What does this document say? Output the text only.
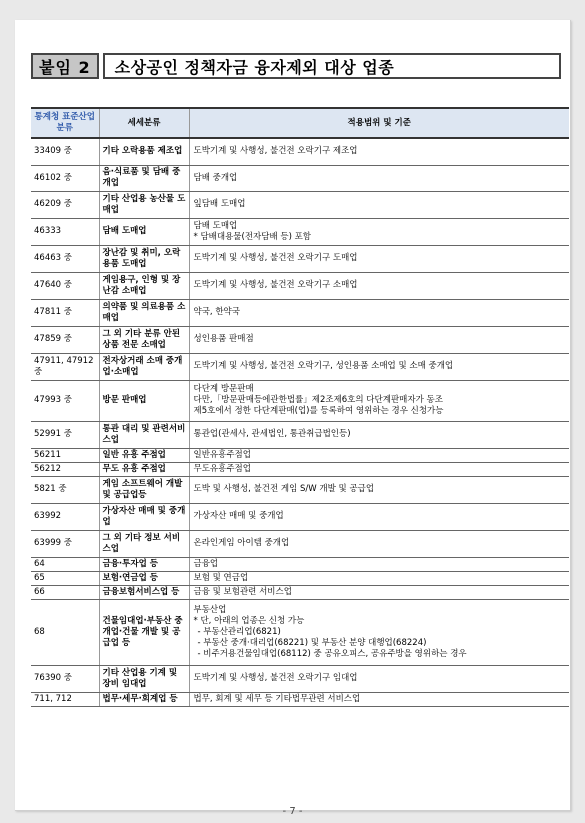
붙임 2	소상공인 정책자금 융자제외 대상 업종
통계청 표준산업분류	세세분류	적용범위 및 기준
33409 중	기타 오락용품 제조업	도박기계 및 사행성, 불건전 오락기구 제조업

46102 중	음·식료품 및 담배 중개업	담배 중개업

46209 중	기타 산업용 농산물 도매업	잎담배 도매업

46333	담배 도매업	담배 도매업
* 담배대용물(전자담배 등) 포함

46463 중	장난감 및 취미, 오락용품 도매업	도박기계 및 사행성, 불건전 오락기구 도매업

47640 중	게임용구, 인형 및 장난감 소매업	도박기계 및 사행성, 불건전 오락기구 소매업

47811 중	의약품 및 의료용품 소매업	약국, 한약국

47859 중	그 외 기타 분류 안된 상품 전문 소매업	성인용품 판매점

47911, 47912 중	전자상거래 소매 중개업·소매업	도박기계 및 사행성, 불건전 오락기구, 성인용품 소매업 및 소매 중개업

47993 중	방문 판매업	다단계 방문판매
다만,「방문판매등에관한법률」제2조제6호의 다단계판매자가 동조
제5호에서 정한 다단계판매(업)를 등록하여 영위하는 경우 신청가능

52991 중	통관 대리 및 관련서비스업	통관업(관세사, 관세법인, 통관취급법인등)

56211	일반 유흥 주점업	일반유흥주점업

56212	무도 유흥 주점업	무도유흥주점업

5821 중	게임 소프트웨어 개발 및 공급업등	도박 및 사행성, 불건전 게임 S/W 개발 및 공급업

63992	가상자산 매매 및 중개업	가상자산 매매 및 중개업

63999 중	그 외 기타 정보 서비스업	온라인게임 아이템 중개업

64	금융·투자업 등	금융업

65	보험·연금업 등	보험 및 연금업

66	금융보험서비스업 등	금융 및 보험관련 서비스업

68	건물임대업·부동산 중개업·건물 개발 및 공급업 등	부동산업
* 단, 아래의 업종은 신청 가능
- 부동산관리업(6821)
- 부동산 중개·대리업(68221) 및 부동산 분양 대행업(68224)
- 비주거용건물임대업(68112) 중 공유오피스, 공유주방을 영위하는 경우

76390 중	기타 산업용 기계 및 장비 임대업	도박기계 및 사행성, 불건전 오락기구 임대업

711, 712	법무·세무·회계업 등	법무, 회계 및 세무 등 기타법무관련 서비스업
- 7 -
